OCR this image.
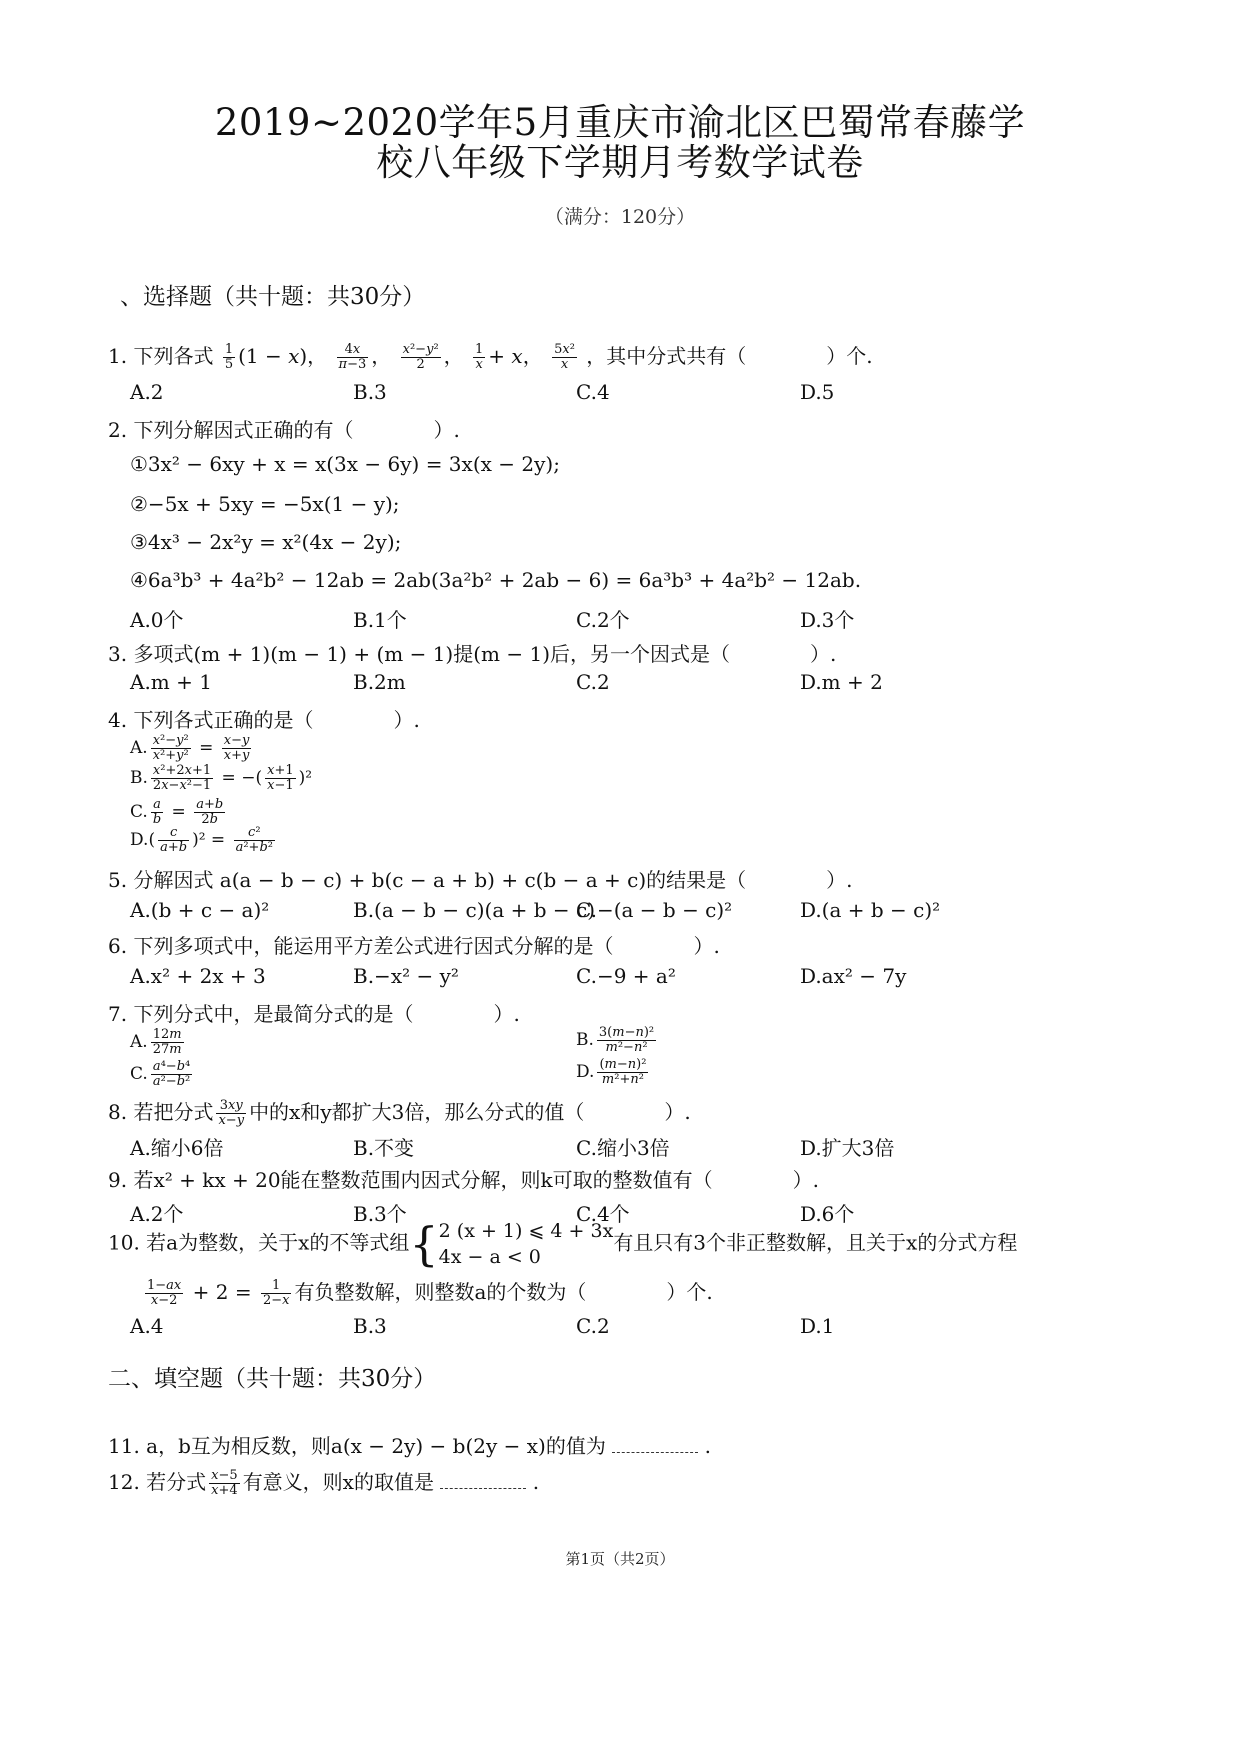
2019~2020学年5月重庆市渝北区巴蜀常春藤学
校八年级下学期月考数学试卷
（满分：120分）
、选择题（共十题：共30分）
1. 下列各式 $\frac{1}{5} (1 - x)$， $\frac{4x}{\pi-3}$ ， $\frac{\text{x²−y²}}{2}$ ， $\frac{1}{x} + x$， $\frac{\text{5x²}}{x}$ ，其中分式共有（	）个.
A.2	B.3	C.4	D.5
2. 下列分解因式正确的有（	）.
①3x² − 6xy + x = x(3x − 6y) = 3x(x − 2y);
②−5x + 5xy = −5x(1 − y);
③4x³ − 2x²y = x²(4x − 2y);
④6a³b³ + 4a²b² − 12ab = 2ab(3a²b² + 2ab − 6) = 6a³b³ + 4a²b² − 12ab.
A.0个	B.1个	C.2个	D.3个
3. 多项式(m + 1)(m − 1) + (m − 1)提(m − 1)后，另一个因式是（	）.
A.m + 1	B.2m	C.2	D.m + 2
4. 下列各式正确的是（	）.
A. $\frac{\text{x²−y²}}{\text{x²+y²}} = \frac{x-y}{x+y}$
B. $\frac{\text{x²+2x+1}}{\text{2x−x²−1}}$ = −( $\frac{x+1}{x-1} )^2$
C. $\frac{a}{b} = \frac{a+b}{2b}$
$D.( \frac{c}{a+b} )^2 = \frac{\text{c²}}{\text{a²+b²}}$
5. 分解因式 a(a − b − c) + b(c − a + b) + c(b − a + c)的结果是（	）.
A.(b + c − a)²	B.(a − b − c)(a + b − c)
C.−(a − b − c)²	D.(a + b − c)²
6. 下列多项式中，能运用平方差公式进行因式分解的是（	）.
A.x² + 2x + 3	B.−x² − y²	C.−9 + a²	D.ax² − 7y
7. 下列分式中，是最简分式的是（	）.
A. $\frac{12m}{27m}$	B. $\frac{\text{3(m−n)²}}{\text{m²−n²}}$
C. $\frac{\text{a⁴−b⁴}}{\text{a²−b²}}$	D. $\frac{\text{(m−n)²}}{\text{m²+n²}}$
8. 若把分式 $\frac{3xy}{x-y}$ 中的x和y都扩大3倍，那么分式的值（	）.
A.缩小6倍	B.不变	C.缩小3倍	D.扩大3倍
9. 若x² + kx + 20能在整数范围内因式分解，则k可取的整数值有（	）.
A.2个	B.3个	C.4个	D.6个
10. 若a为整数，关于x的不等式组{ 2 (x + 1) ⩽ 4 + 3x
4x − a < 0
有且只有3个非正整数解，且关于x的分式方程
$\frac{1-ax}{x-2} + 2 = \frac{1}{2-x}$ 有负整数解，则整数a的个数为（	）个.
A.4	B.3	C.2	D.1
二、填空题（共十题：共30分）
11. a，b互为相反数，则a(x − 2y) − b(2y − x)的值为	.
12. 若分式 $\frac{x-5}{x+4}$ 有意义，则x的取值是	.
第1页（共2页）
